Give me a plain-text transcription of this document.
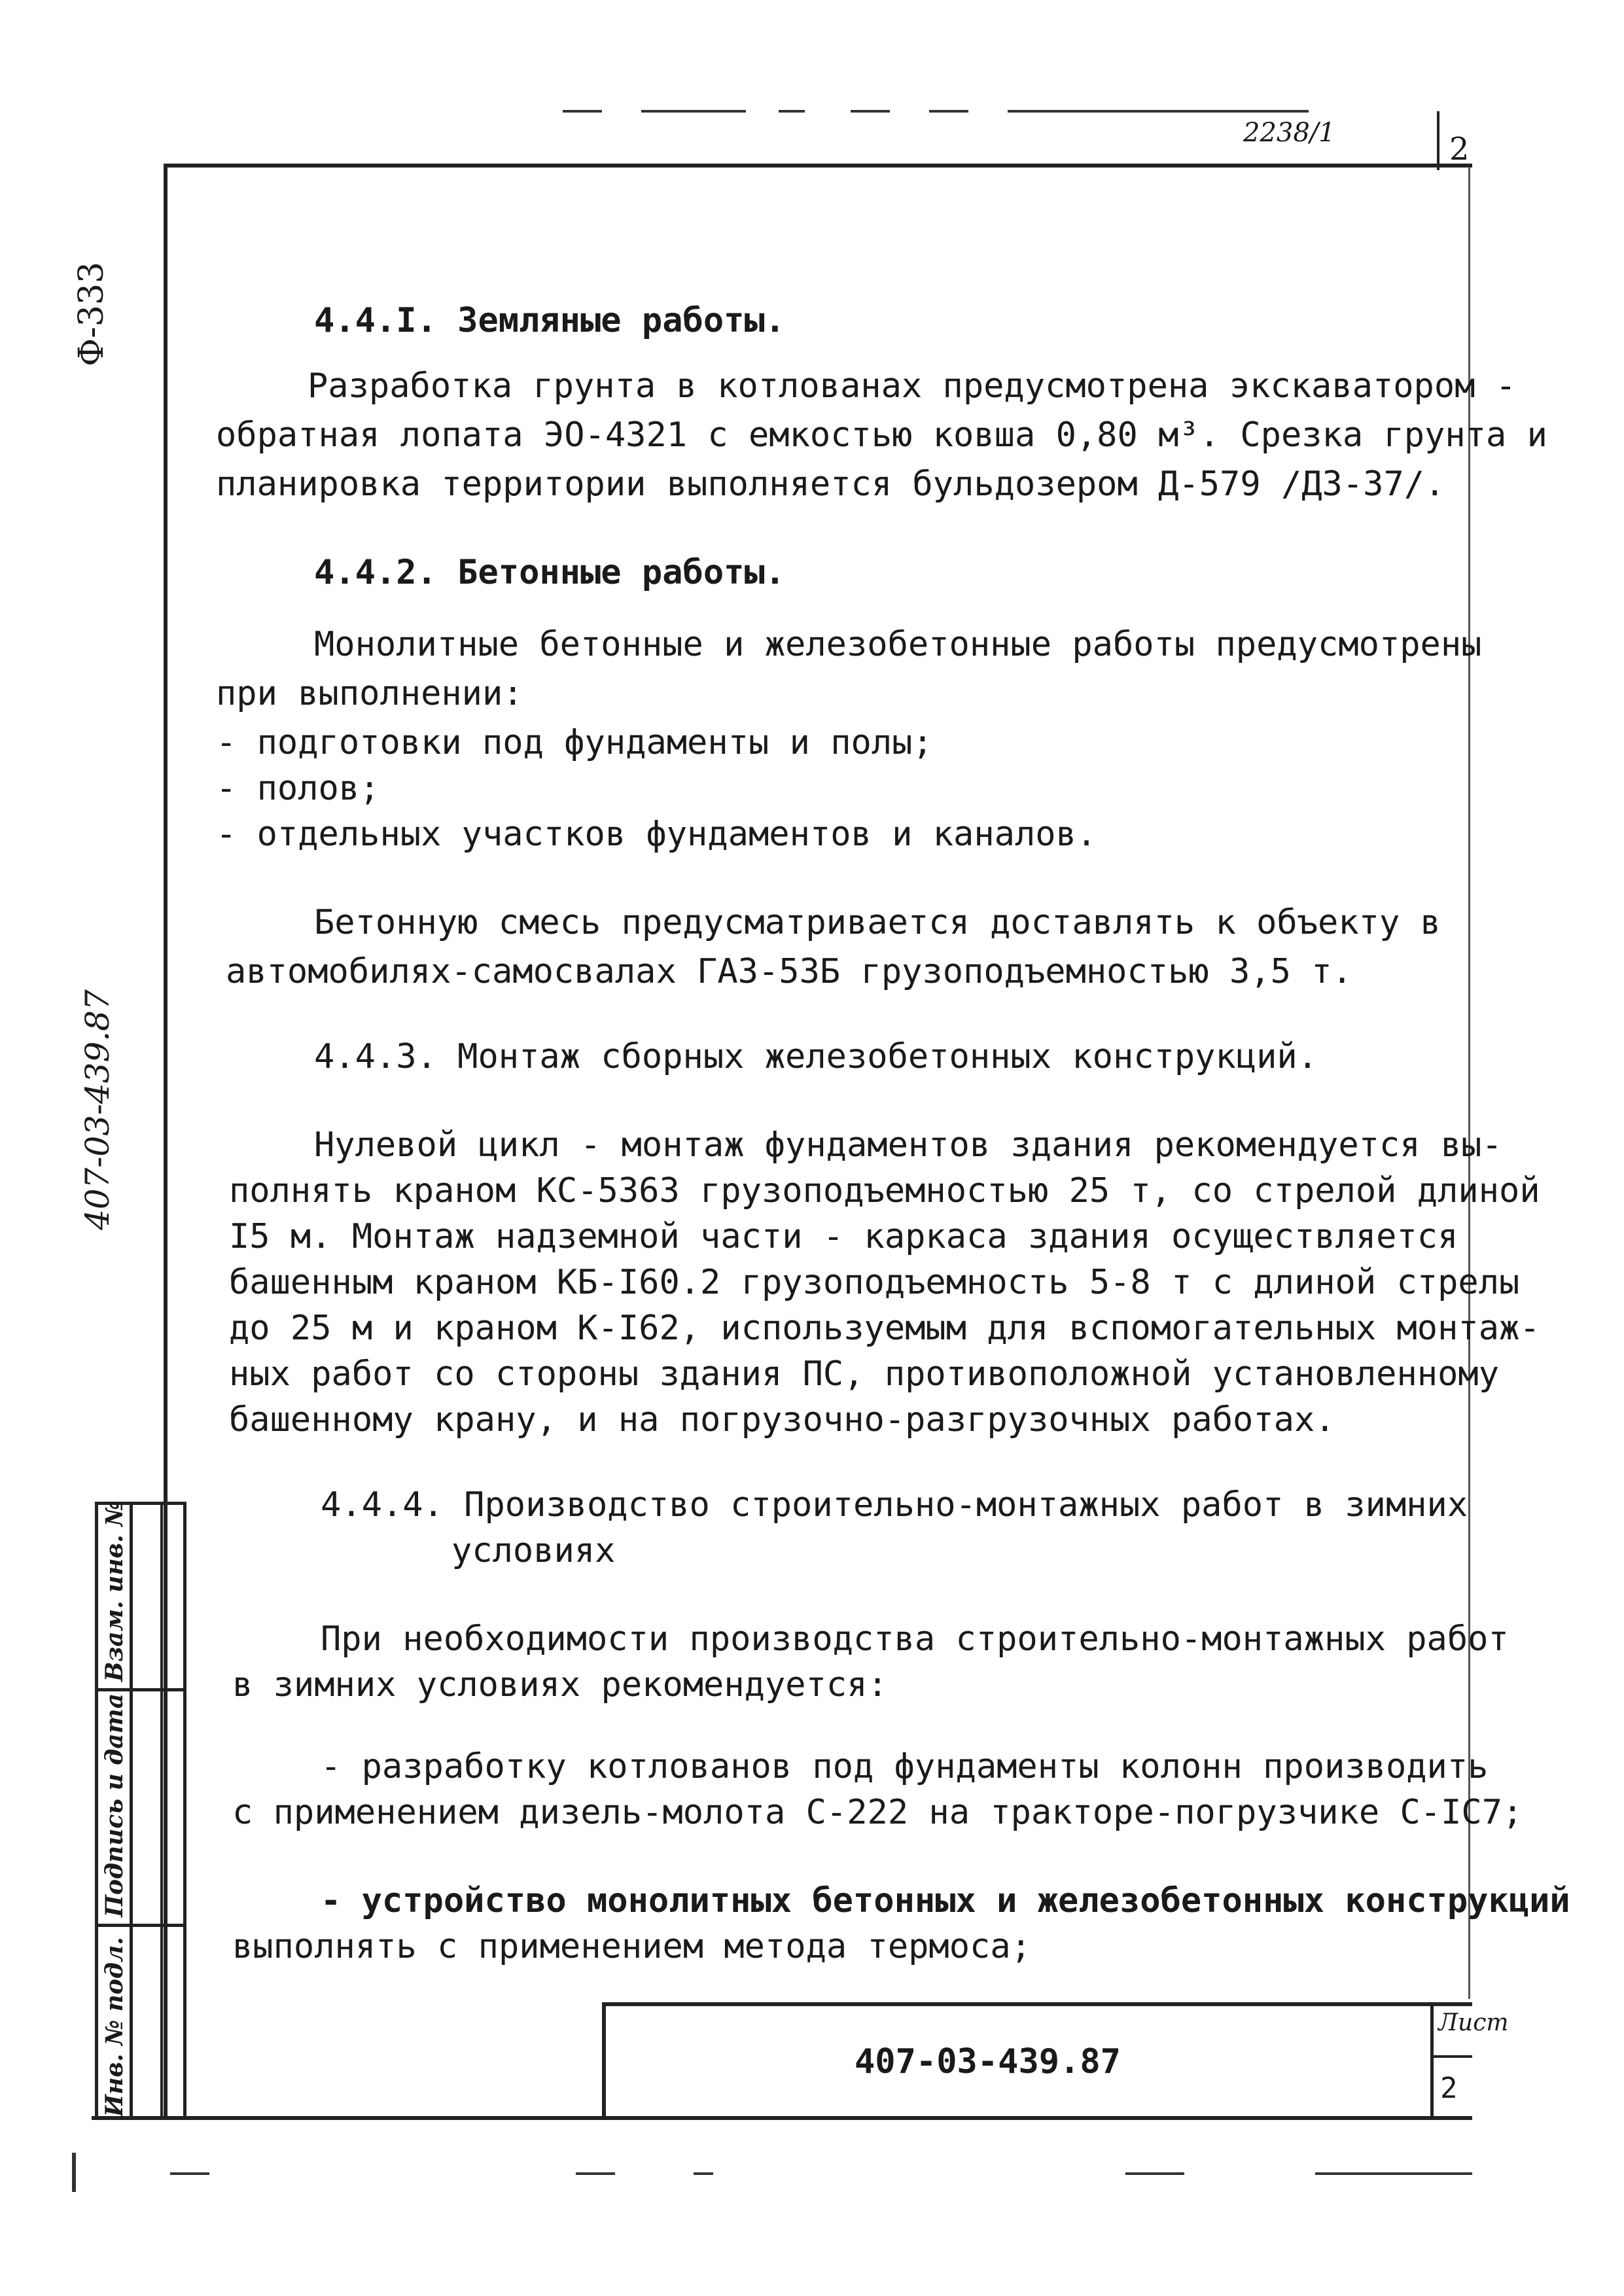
2238/1	2
Ф-333
407-03-439.87
Инв. № подл.
Подпись и дата
Взам. инв. №
4.4.I. Земляные работы.
Разработка грунта в котлованах предусмотрена экскаватором -
обратная лопата ЭО-4321 с емкостью ковша 0,80 м³. Срезка грунта и
планировка территории выполняется бульдозером Д-579 /ДЗ-37/.
4.4.2. Бетонные работы.
Монолитные бетонные и железобетонные работы предусмотрены
при выполнении:
- подготовки под фундаменты и полы;
- полов;
- отдельных участков фундаментов и каналов.
Бетонную смесь предусматривается доставлять к объекту в
автомобилях-самосвалах ГАЗ-53Б грузоподъемностью 3,5 т.
4.4.3. Монтаж сборных железобетонных конструкций.
Нулевой цикл - монтаж фундаментов здания рекомендуется вы-
полнять краном КС-5363 грузоподъемностью 25 т, со стрелой длиной
I5 м. Монтаж надземной части - каркаса здания осуществляется
башенным краном КБ-I60.2 грузоподъемность 5-8 т с длиной стрелы
до 25 м и краном К-I62, используемым для вспомогательных монтаж-
ных работ со стороны здания ПС, противоположной установленному
башенному крану, и на погрузочно-разгрузочных работах.
4.4.4. Производство строительно-монтажных работ в зимних
условиях
При необходимости производства строительно-монтажных работ
в зимних условиях рекомендуется:
- разработку котлованов под фундаменты колонн производить
с применением дизель-молота С-222 на тракторе-погрузчике С-IC7;
- устройство монолитных бетонных и железобетонных конструкций
выполнять с применением метода термоса;
407-03-439.87
Лист
2
